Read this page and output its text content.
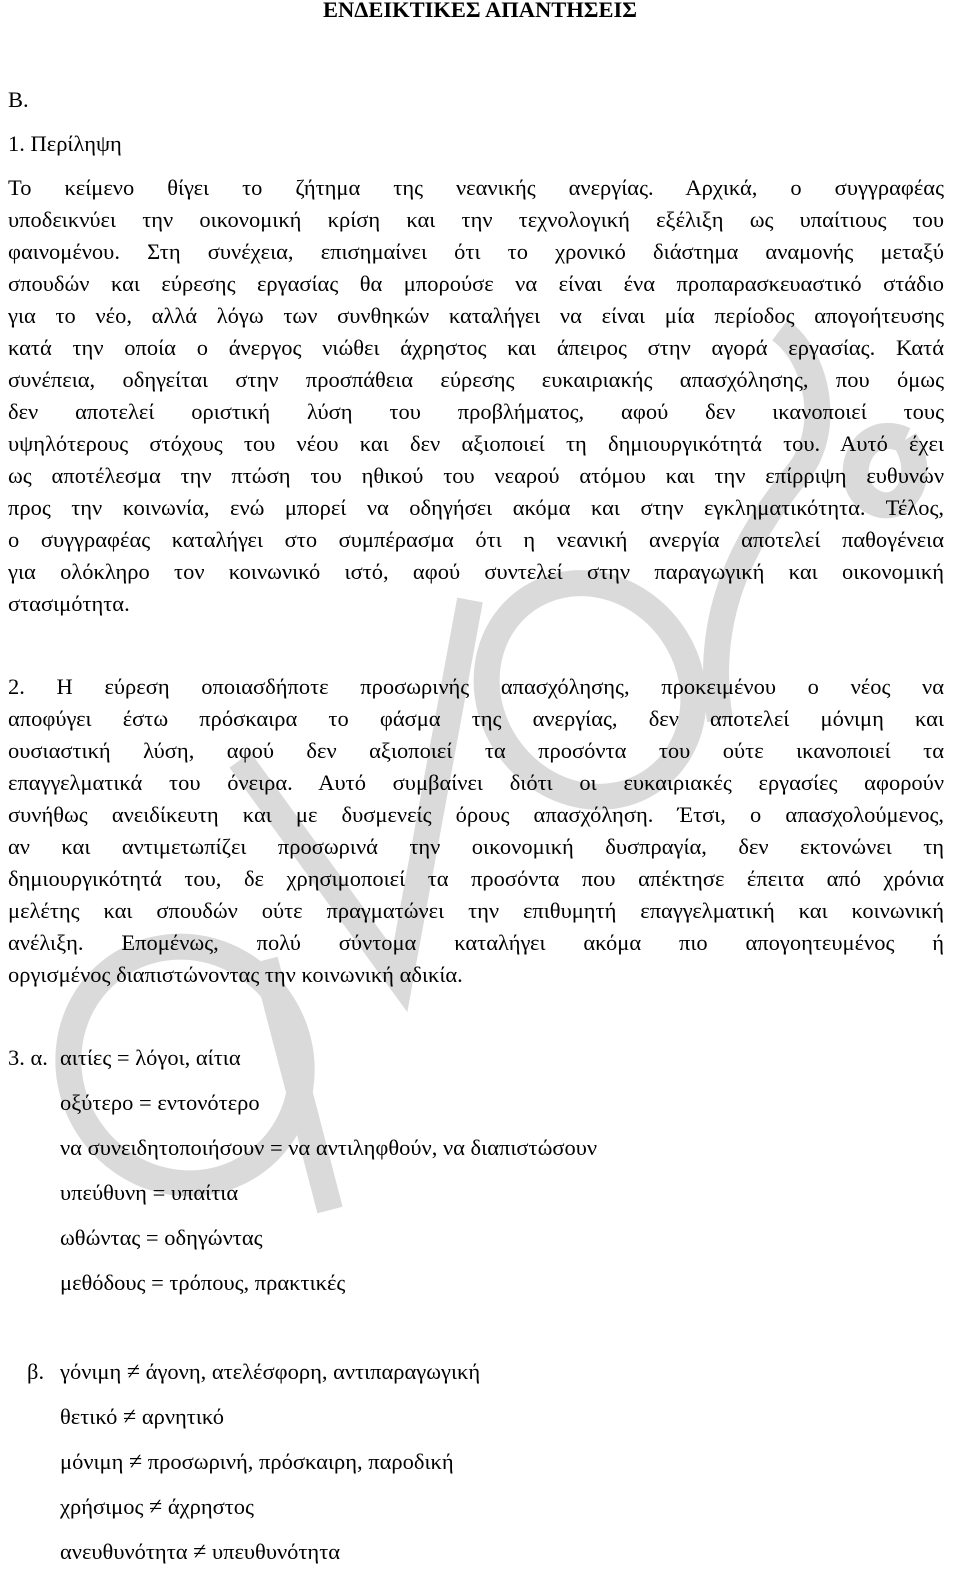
ΕΝΔΕΙΚΤΙΚΕΣ ΑΠΑΝΤΗΣΕΙΣ
Β.
1. Περίληψη
Το κείμενο θίγει το ζήτημα της νεανικής ανεργίας. Αρχικά, ο συγγραφέας
υποδεικνύει την οικονομική κρίση και την τεχνολογική εξέλιξη ως υπαίτιους του
φαινομένου. Στη συνέχεια, επισημαίνει ότι το χρονικό διάστημα αναμονής μεταξύ
σπουδών και εύρεσης εργασίας θα μπορούσε να είναι ένα προπαρασκευαστικό στάδιο
για το νέο, αλλά λόγω των συνθηκών καταλήγει να είναι μία περίοδος απογοήτευσης
κατά την οποία ο άνεργος νιώθει άχρηστος και άπειρος στην αγορά εργασίας. Κατά
συνέπεια, οδηγείται στην προσπάθεια εύρεσης ευκαιριακής απασχόλησης, που όμως
δεν αποτελεί οριστική λύση του προβλήματος, αφού δεν ικανοποιεί τους
υψηλότερους στόχους του νέου και δεν αξιοποιεί τη δημιουργικότητά του. Αυτό έχει
ως αποτέλεσμα την πτώση του ηθικού του νεαρού ατόμου και την επίρριψη ευθυνών
προς την κοινωνία, ενώ μπορεί να οδηγήσει ακόμα και στην εγκληματικότητα. Τέλος,
ο συγγραφέας καταλήγει στο συμπέρασμα ότι η νεανική ανεργία αποτελεί παθογένεια
για ολόκληρο τον κοινωνικό ιστό, αφού συντελεί στην παραγωγική και οικονομική
στασιμότητα.
2. Η εύρεση οποιασδήποτε προσωρινής απασχόλησης, προκειμένου ο νέος να
αποφύγει έστω πρόσκαιρα το φάσμα της ανεργίας, δεν αποτελεί μόνιμη και
ουσιαστική λύση, αφού δεν αξιοποιεί τα προσόντα του ούτε ικανοποιεί τα
επαγγελματικά του όνειρα. Αυτό συμβαίνει διότι οι ευκαιριακές εργασίες αφορούν
συνήθως ανειδίκευτη και με δυσμενείς όρους απασχόληση. Έτσι, ο απασχολούμενος,
αν και αντιμετωπίζει προσωρινά την οικονομική δυσπραγία, δεν εκτονώνει τη
δημιουργικότητά του, δε χρησιμοποιεί τα προσόντα που απέκτησε έπειτα από χρόνια
μελέτης και σπουδών ούτε πραγματώνει την επιθυμητή επαγγελματική και κοινωνική
ανέλιξη. Επομένως, πολύ σύντομα καταλήγει ακόμα πιο απογοητευμένος ή
οργισμένος διαπιστώνοντας την κοινωνική αδικία.
3. α. αιτίες = λόγοι, αίτια
οξύτερο = εντονότερο
να συνειδητοποιήσουν = να αντιληφθούν, να διαπιστώσουν
υπεύθυνη = υπαίτια
ωθώντας = οδηγώντας
μεθόδους = τρόπους, πρακτικές
β. γόνιμη ≠ άγονη, ατελέσφορη, αντιπαραγωγική
θετικό ≠ αρνητικό
μόνιμη ≠ προσωρινή, πρόσκαιρη, παροδική
χρήσιμος ≠ άχρηστος
ανευθυνότητα ≠ υπευθυνότητα
